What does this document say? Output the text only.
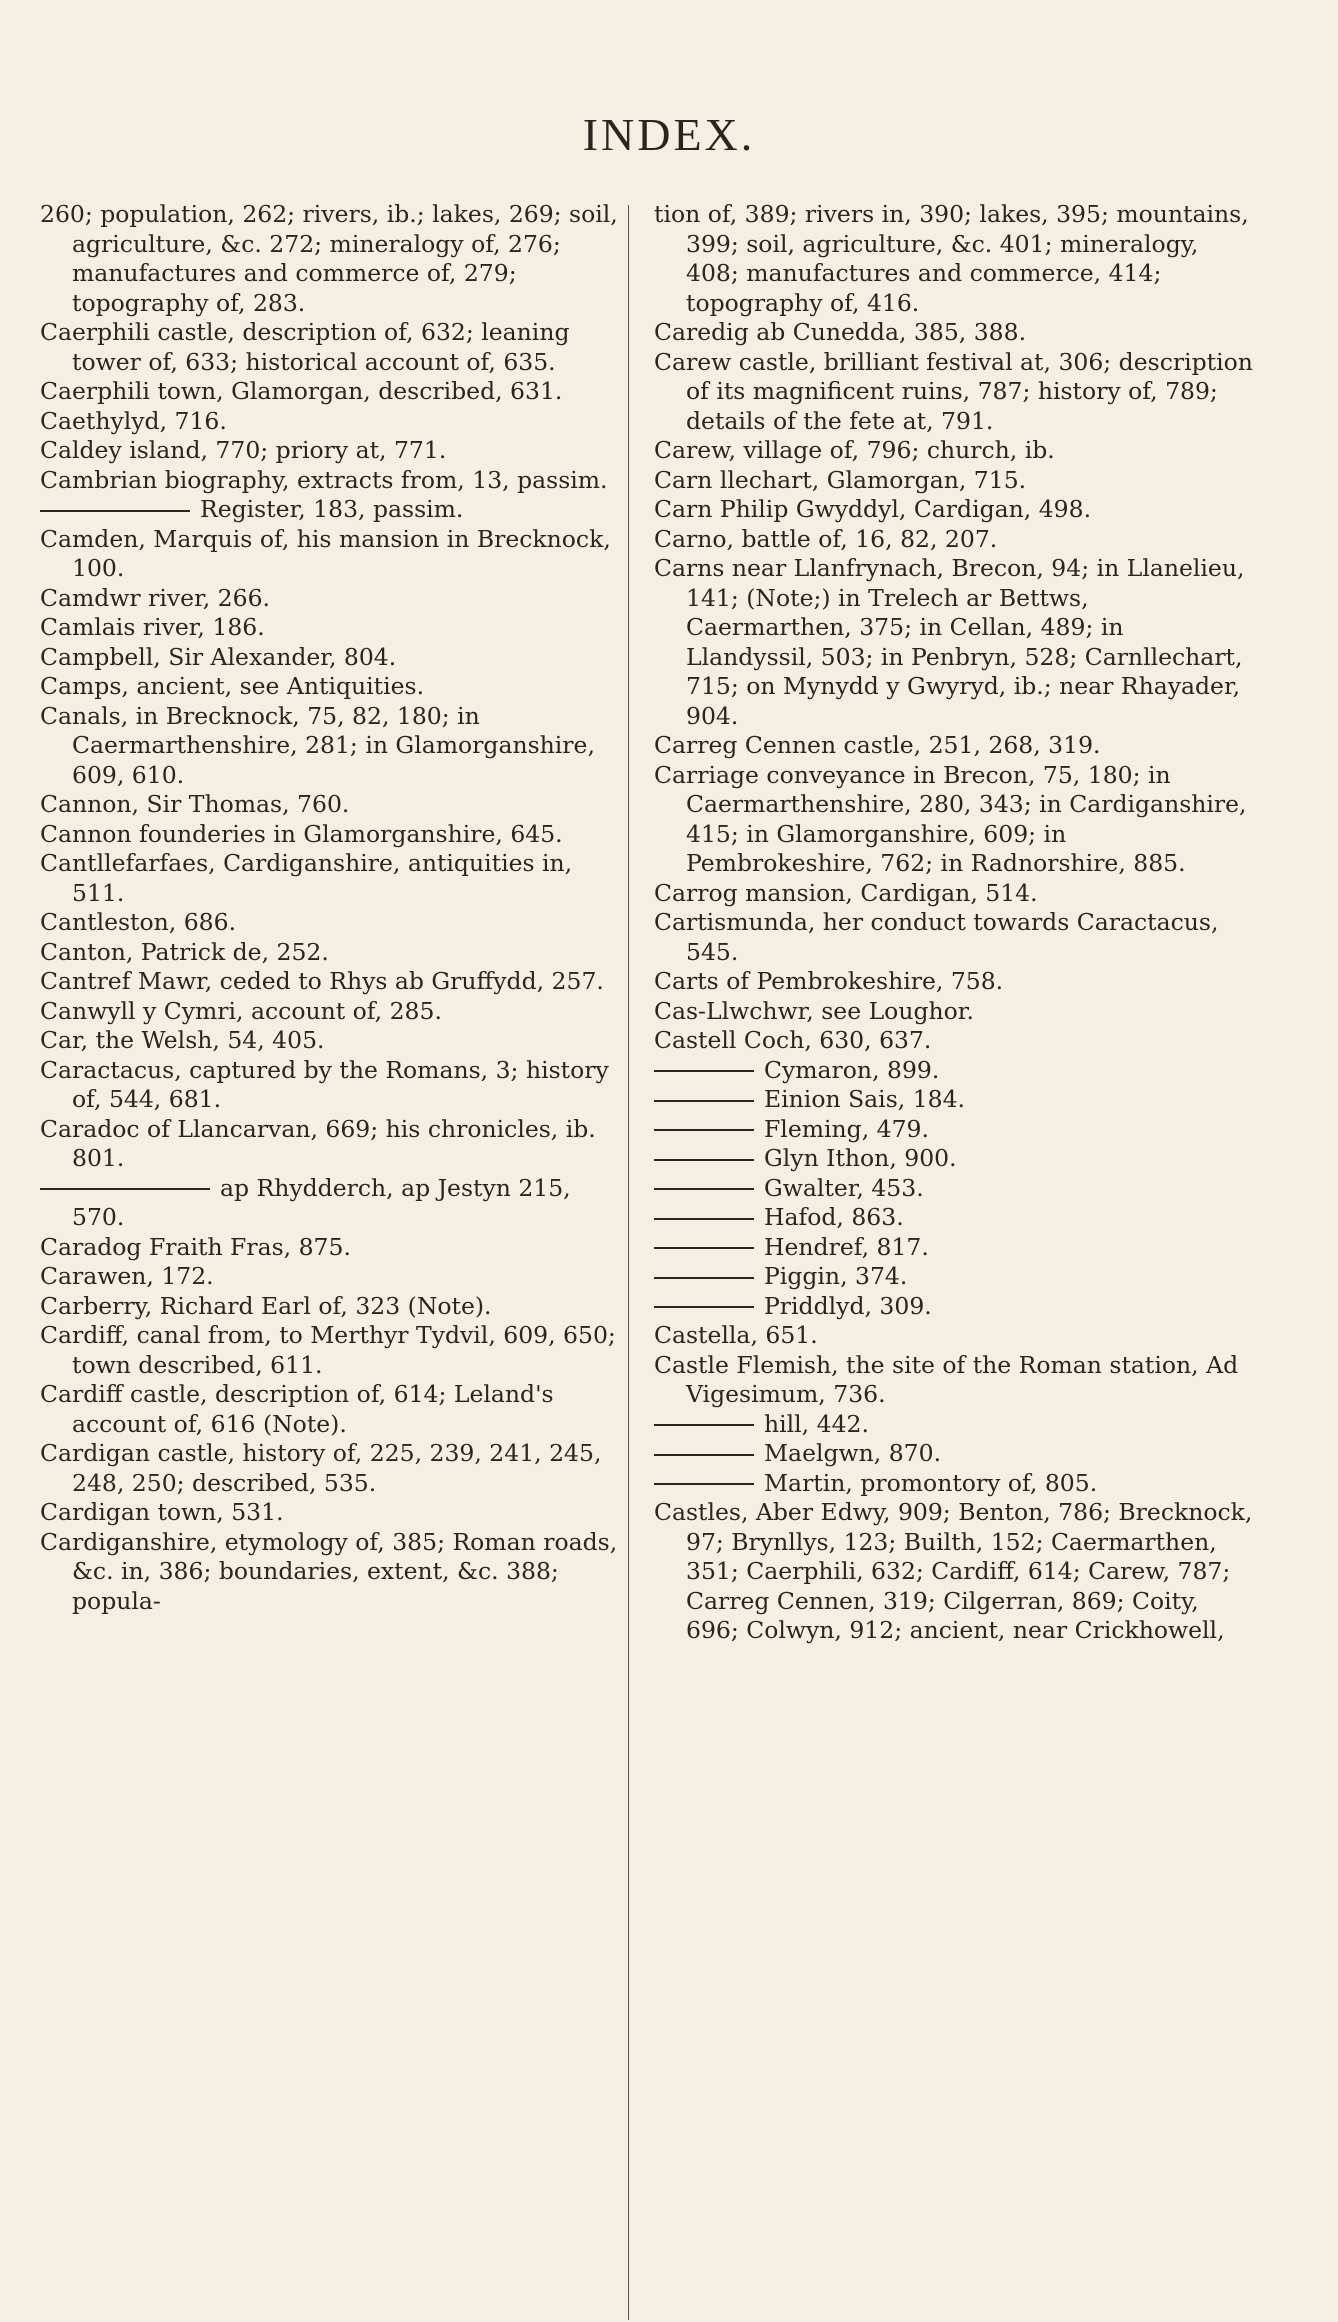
INDEX.

260; population, 262; rivers, ib.; lakes, 269; soil, agriculture, &c. 272; mineralogy of, 276; manufactures and commerce of, 279; topography of, 283.

Caerphili castle, description of, 632; leaning tower of, 633; historical account of, 635.

Caerphili town, Glamorgan, described, 631.

Caethylyd, 716.

Caldey island, 770; priory at, 771.

Cambrian biography, extracts from, 13, passim.

Register, 183, passim.

Camden, Marquis of, his mansion in Brecknock, 100.

Camdwr river, 266.

Camlais river, 186.

Campbell, Sir Alexander, 804.

Camps, ancient, see Antiquities.

Canals, in Brecknock, 75, 82, 180; in Caermarthenshire, 281; in Glamorganshire, 609, 610.

Cannon, Sir Thomas, 760.

Cannon founderies in Glamorganshire, 645.

Cantllefarfaes, Cardiganshire, antiquities in, 511.

Cantleston, 686.

Canton, Patrick de, 252.

Cantref Mawr, ceded to Rhys ab Gruffydd, 257.

Canwyll y Cymri, account of, 285.

Car, the Welsh, 54, 405.

Caractacus, captured by the Romans, 3; history of, 544, 681.

Caradoc of Llancarvan, 669; his chronicles, ib. 801.

ap Rhydderch, ap Jestyn 215, 570.

Caradog Fraith Fras, 875.

Carawen, 172.

Carberry, Richard Earl of, 323 (Note).

Cardiff, canal from, to Merthyr Tydvil, 609, 650; town described, 611.

Cardiff castle, description of, 614; Leland's account of, 616 (Note).

Cardigan castle, history of, 225, 239, 241, 245, 248, 250; described, 535.

Cardigan town, 531.

Cardiganshire, etymology of, 385; Roman roads, &c. in, 386; boundaries, extent, &c. 388; popula-

tion of, 389; rivers in, 390; lakes, 395; mountains, 399; soil, agriculture, &c. 401; mineralogy, 408; manufactures and commerce, 414; topography of, 416.

Caredig ab Cunedda, 385, 388.

Carew castle, brilliant festival at, 306; description of its magnificent ruins, 787; history of, 789; details of the fete at, 791.

Carew, village of, 796; church, ib.

Carn llechart, Glamorgan, 715.

Carn Philip Gwyddyl, Cardigan, 498.

Carno, battle of, 16, 82, 207.

Carns near Llanfrynach, Brecon, 94; in Llanelieu, 141; (Note;) in Trelech ar Bettws, Caermarthen, 375; in Cellan, 489; in Llandyssil, 503; in Penbryn, 528; Carnllechart, 715; on Mynydd y Gwyryd, ib.; near Rhayader, 904.

Carreg Cennen castle, 251, 268, 319.

Carriage conveyance in Brecon, 75, 180; in Caermarthenshire, 280, 343; in Cardiganshire, 415; in Glamorganshire, 609; in Pembrokeshire, 762; in Radnorshire, 885.

Carrog mansion, Cardigan, 514.

Cartismunda, her conduct towards Caractacus, 545.

Carts of Pembrokeshire, 758.

Cas-Llwchwr, see Loughor.

Castell Coch, 630, 637.

Cymaron, 899.

Einion Sais, 184.

Fleming, 479.

Glyn Ithon, 900.

Gwalter, 453.

Hafod, 863.

Hendref, 817.

Piggin, 374.

Priddlyd, 309.

Castella, 651.

Castle Flemish, the site of the Roman station, Ad Vigesimum, 736.

hill, 442.

Maelgwn, 870.

Martin, promontory of, 805.

Castles, Aber Edwy, 909; Benton, 786; Brecknock, 97; Brynllys, 123; Builth, 152; Caermarthen, 351; Caerphili, 632; Cardiff, 614; Carew, 787; Carreg Cennen, 319; Cilgerran, 869; Coity, 696; Colwyn, 912; ancient, near Crickhowell,
